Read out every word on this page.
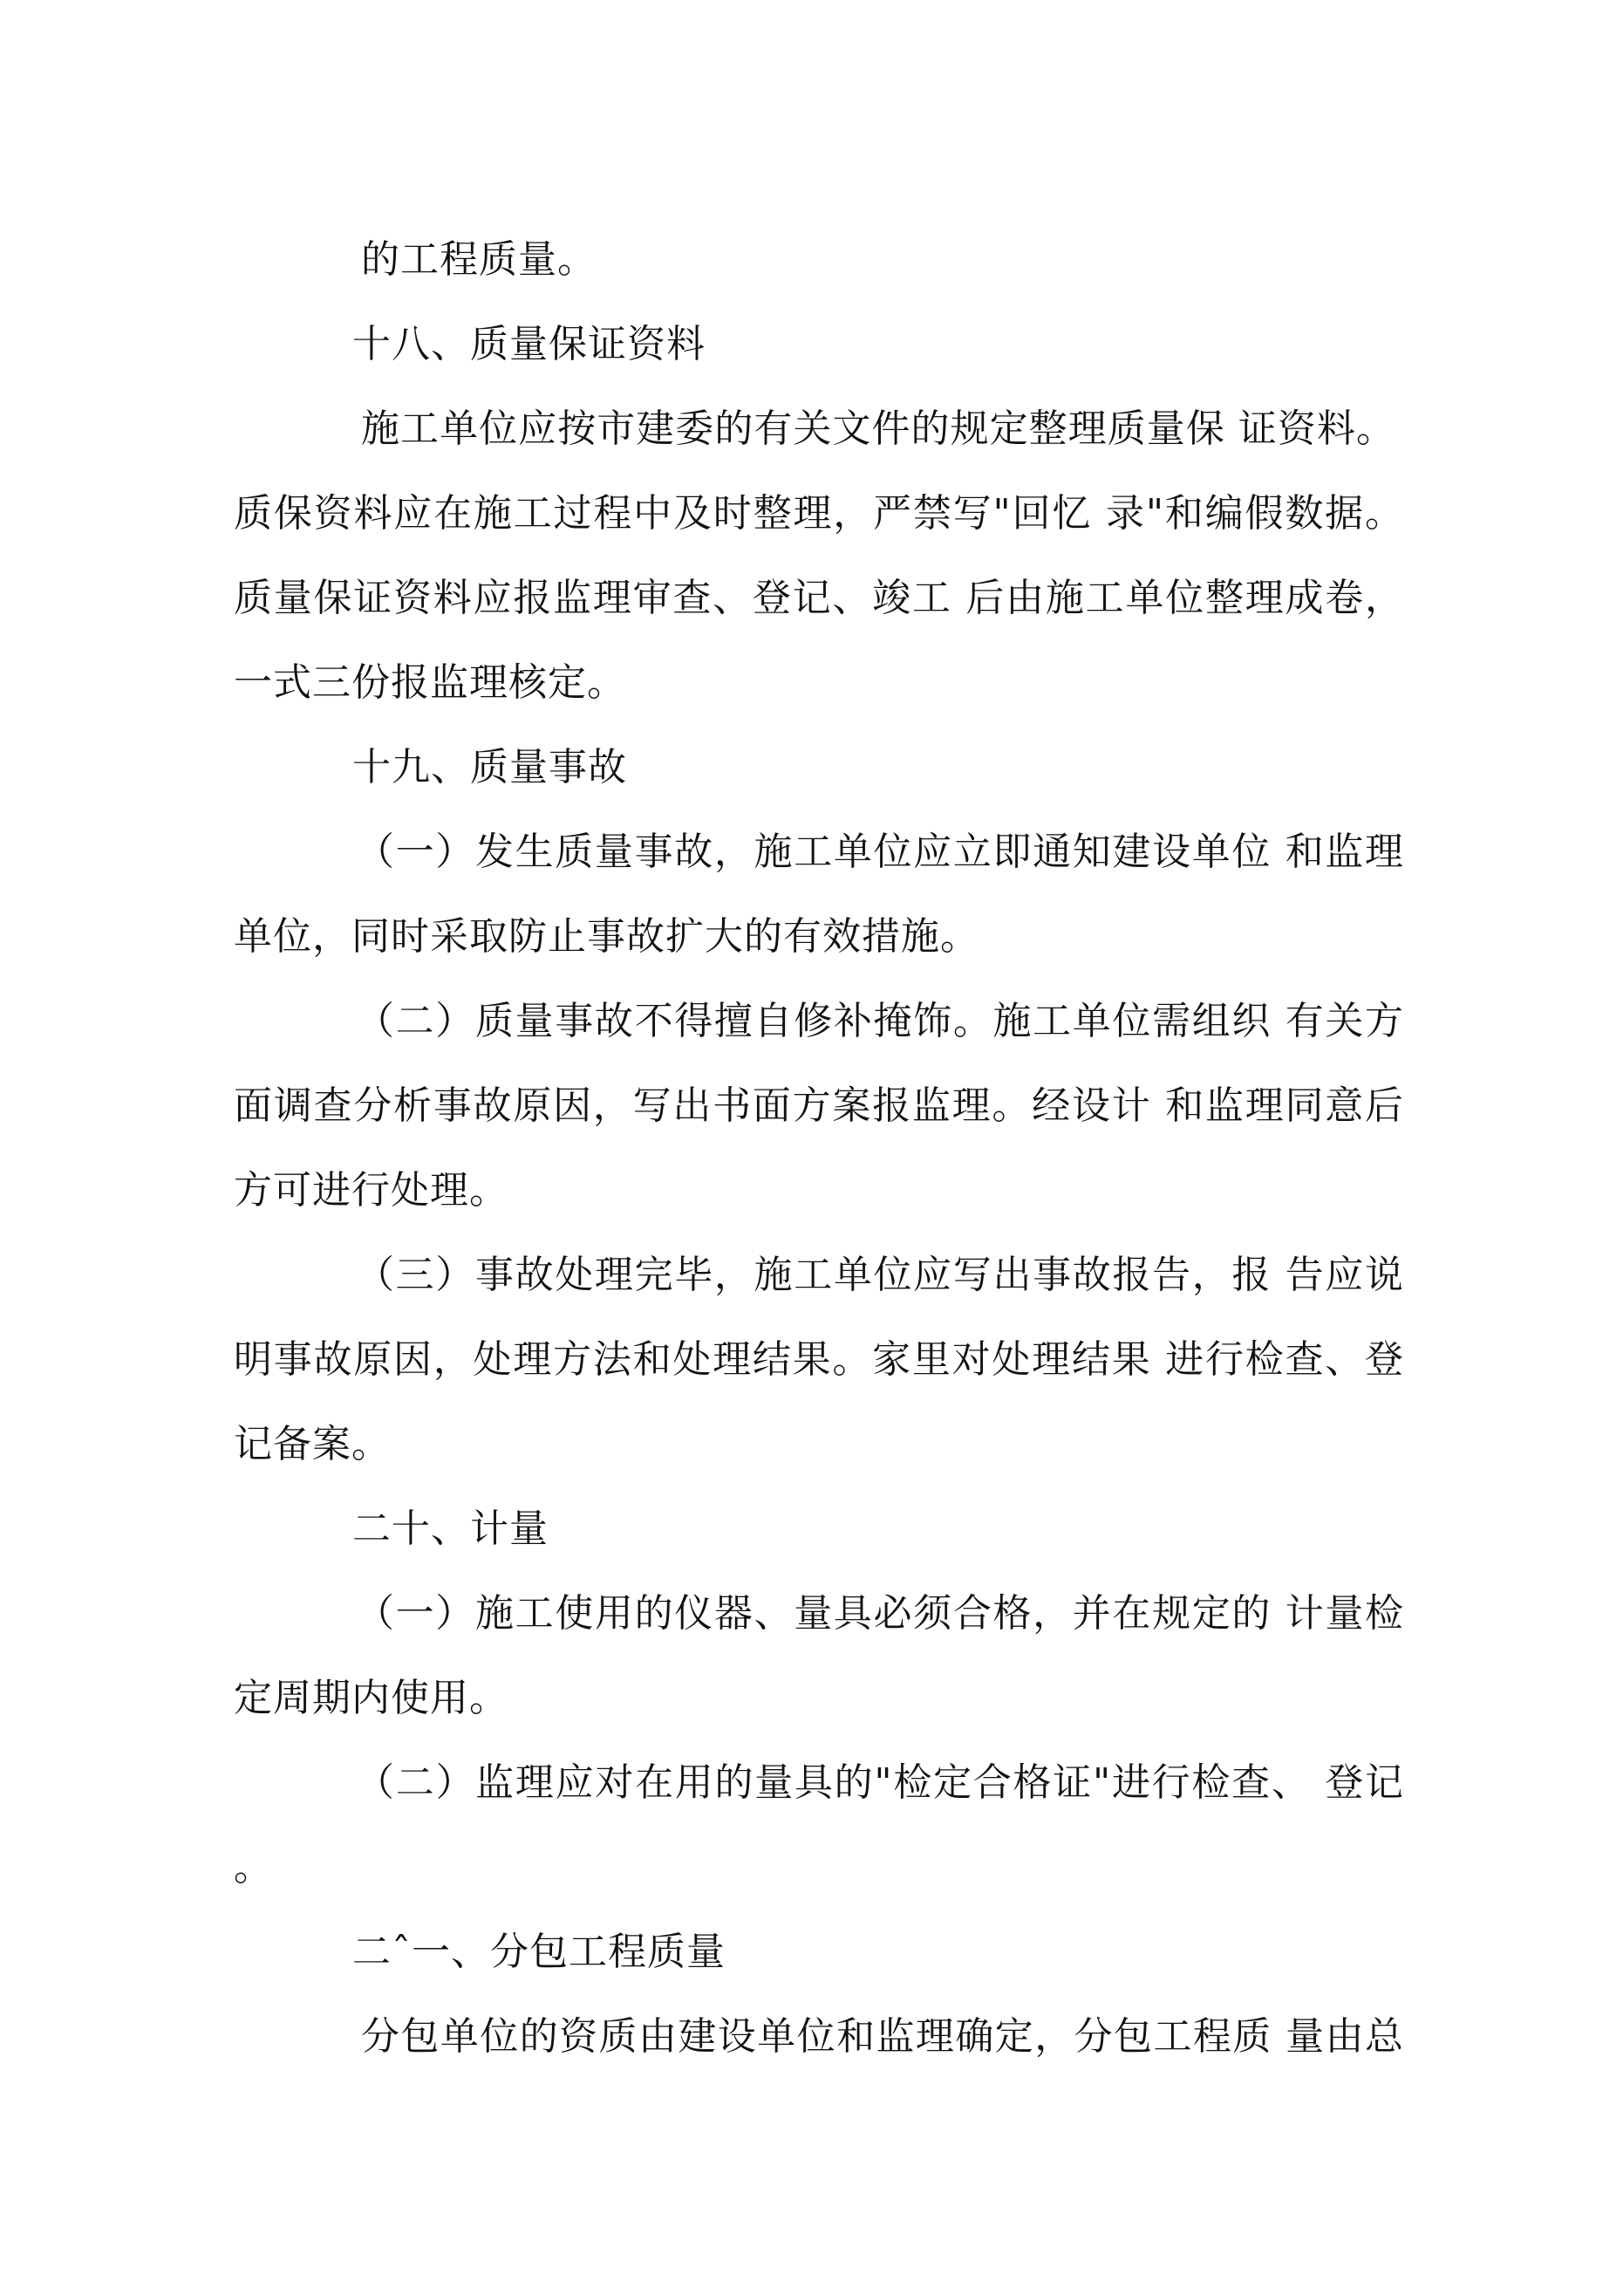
的工程质量。
十八、质量保证资料
施工单位应按市建委的有关文件的规定整理质量保 证资料。
质保资料应在施工过程中及时整理，严禁写"回忆 录"和编假数据。
质量保证资料应报监理审查、登记、竣工 后由施工单位整理成卷，
一式三份报监理核定。
十九、质量事故
（一）发生质量事故，施工单位应立即通知建设单位 和监理
单位，同时采取防止事故扩大的有效措施。
（二）质量事故不得擅自修补掩饰。施工单位需组织 有关方
面调查分析事故原因，写出书面方案报监理。经设计 和监理同意后
方可进行处理。
（三）事故处理完毕，施工单位应写出事故报告，报 告应说
明事故原因，处理方法和处理结果。家里对处理结果 进行检查、登
记备案。
二十、计量
（一）施工使用的仪器、量具必须合格，并在规定的 计量检
定周期内使用。
（二）监理应对在用的量具的"检定合格证"进行检查、 登记
。
二ˆ一、分包工程质量
分包单位的资质由建设单位和监理确定，分包工程质 量由总
